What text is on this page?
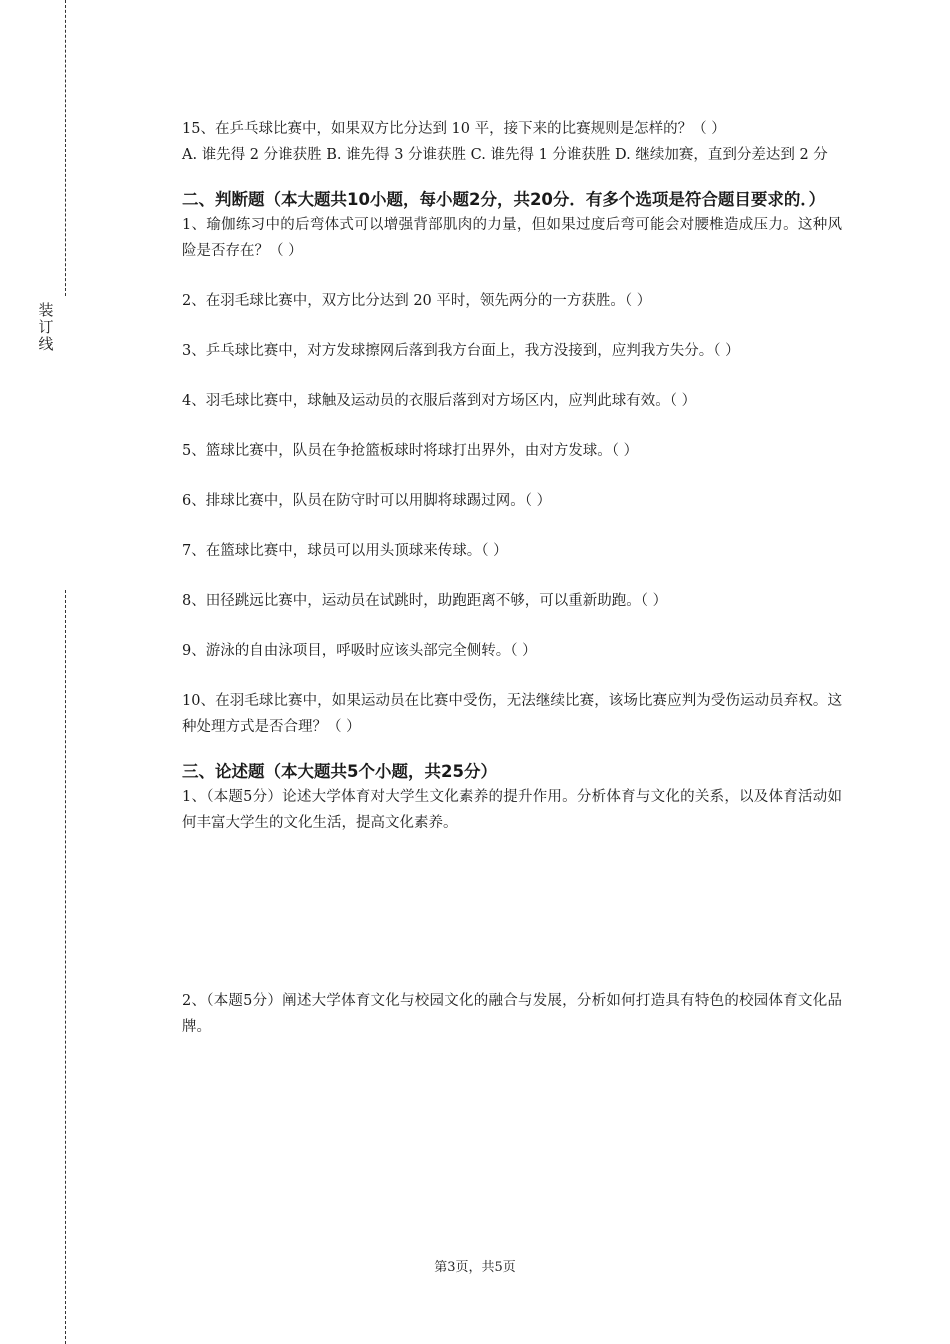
装
订
线

15、在乒乓球比赛中，如果双方比分达到 10 平，接下来的比赛规则是怎样的？（ ）

A. 谁先得 2 分谁获胜 B. 谁先得 3 分谁获胜 C. 谁先得 1 分谁获胜 D. 继续加赛，直到分差达到 2 分

二、判断题（本大题共10小题，每小题2分，共20分．有多个选项是符合题目要求的．）

1、瑜伽练习中的后弯体式可以增强背部肌肉的力量，但如果过度后弯可能会对腰椎造成压力。这种风险是否存在？（ ）

2、在羽毛球比赛中，双方比分达到 20 平时，领先两分的一方获胜。（ ）

3、乒乓球比赛中，对方发球擦网后落到我方台面上，我方没接到，应判我方失分。（ ）

4、羽毛球比赛中，球触及运动员的衣服后落到对方场区内，应判此球有效。（ ）

5、篮球比赛中，队员在争抢篮板球时将球打出界外，由对方发球。（ ）

6、排球比赛中，队员在防守时可以用脚将球踢过网。（ ）

7、在篮球比赛中，球员可以用头顶球来传球。（ ）

8、田径跳远比赛中，运动员在试跳时，助跑距离不够，可以重新助跑。（ ）

9、游泳的自由泳项目，呼吸时应该头部完全侧转。（ ）

10、在羽毛球比赛中，如果运动员在比赛中受伤，无法继续比赛，该场比赛应判为受伤运动员弃权。这种处理方式是否合理？（ ）

三、论述题（本大题共5个小题，共25分）

1、（本题5分）论述大学体育对大学生文化素养的提升作用。分析体育与文化的关系，以及体育活动如何丰富大学生的文化生活，提高文化素养。

2、（本题5分）阐述大学体育文化与校园文化的融合与发展，分析如何打造具有特色的校园体育文化品牌。

第3页，共5页
